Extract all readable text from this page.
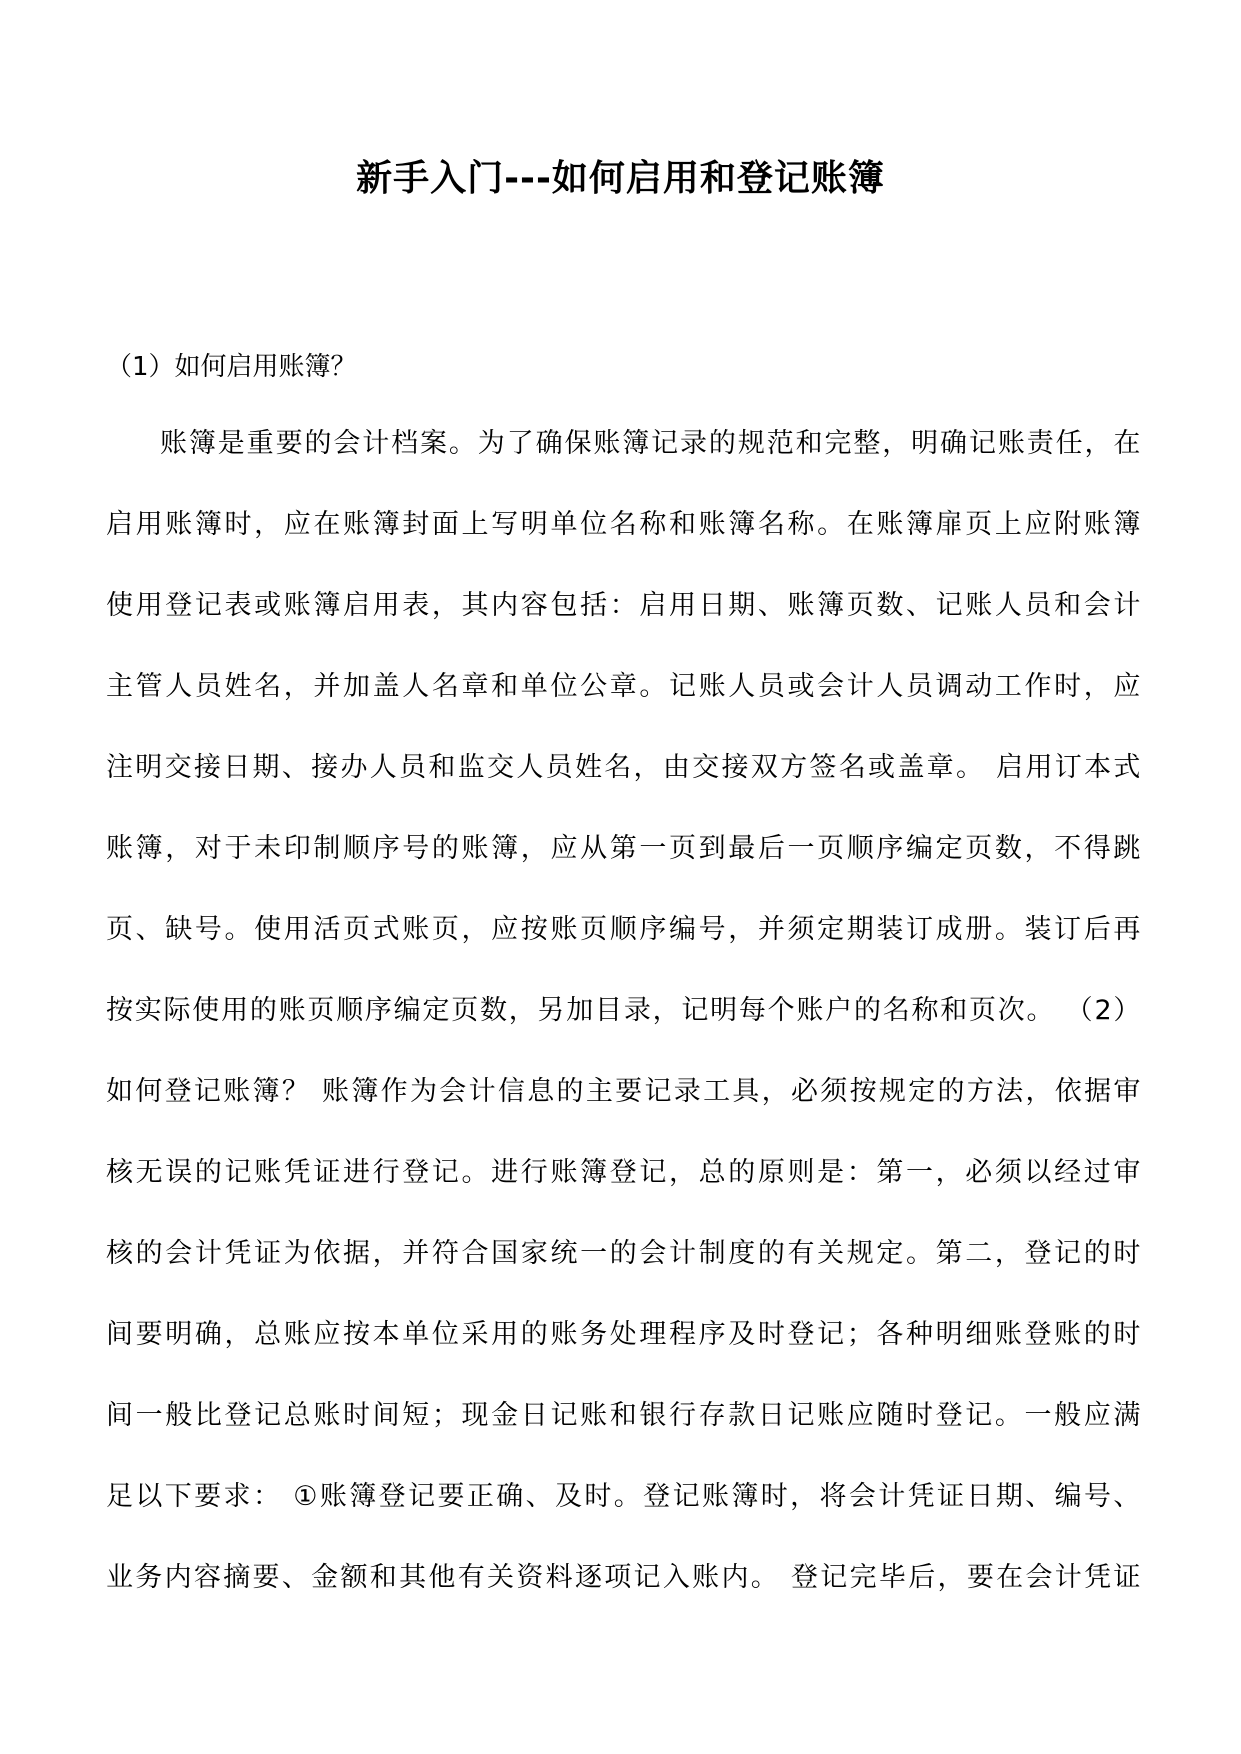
新手入门---如何启用和登记账簿

（1）如何启用账簿？

账簿是重要的会计档案。为了确保账簿记录的规范和完整，明确记账责任，在
启用账簿时，应在账簿封面上写明单位名称和账簿名称。在账簿扉页上应附账簿
使用登记表或账簿启用表，其内容包括：启用日期、账簿页数、记账人员和会计
主管人员姓名，并加盖人名章和单位公章。记账人员或会计人员调动工作时，应
注明交接日期、接办人员和监交人员姓名，由交接双方签名或盖章。 启用订本式
账簿，对于未印制顺序号的账簿，应从第一页到最后一页顺序编定页数，不得跳
页、缺号。使用活页式账页，应按账页顺序编号，并须定期装订成册。装订后再
按实际使用的账页顺序编定页数，另加目录，记明每个账户的名称和页次。 （2）
如何登记账簿？ 账簿作为会计信息的主要记录工具，必须按规定的方法，依据审
核无误的记账凭证进行登记。进行账簿登记，总的原则是：第一，必须以经过审
核的会计凭证为依据，并符合国家统一的会计制度的有关规定。第二，登记的时
间要明确，总账应按本单位采用的账务处理程序及时登记；各种明细账登账的时
间一般比登记总账时间短；现金日记账和银行存款日记账应随时登记。一般应满
足以下要求： ①账簿登记要正确、及时。登记账簿时，将会计凭证日期、编号、
业务内容摘要、金额和其他有关资料逐项记入账内。 登记完毕后，要在会计凭证
